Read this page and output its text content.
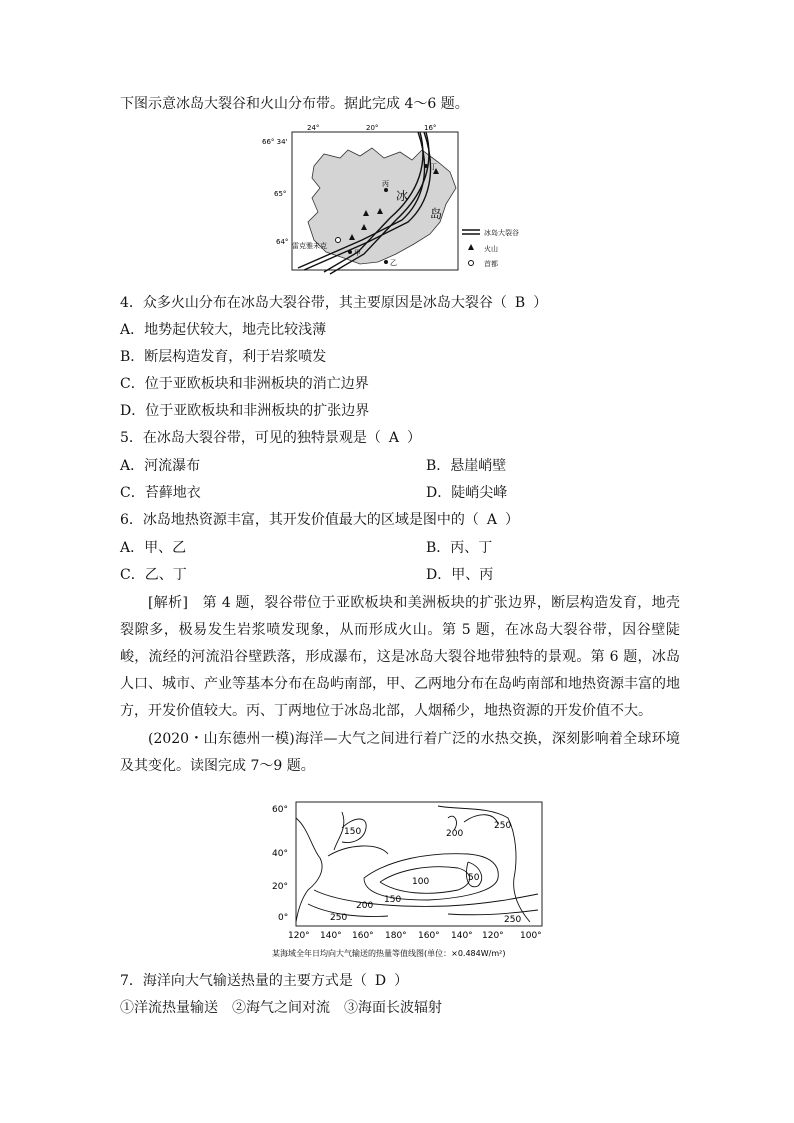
下图示意冰岛大裂谷和火山分布带。据此完成 4～6 题。
24°	20°	16°
66° 34'
65°
64°
丁
丙
甲
乙
冰
岛
雷克雅未克
冰岛大裂谷
火山
首都
4．众多火山分布在冰岛大裂谷带，其主要原因是冰岛大裂谷（ B ）
A．地势起伏较大，地壳比较浅薄
B．断层构造发育，利于岩浆喷发
C．位于亚欧板块和非洲板块的消亡边界
D．位于亚欧板块和非洲板块的扩张边界
5．在冰岛大裂谷带，可见的独特景观是（ A ）
A．河流瀑布	B．悬崖峭壁
C．苔藓地衣	D．陡峭尖峰
6．冰岛地热资源丰富，其开发价值最大的区域是图中的（ A ）
A．甲、乙	B．丙、丁
C．乙、丁	D．甲、丙
[解析]　第 4 题，裂谷带位于亚欧板块和美洲板块的扩张边界，断层构造发育，地壳裂隙多，极易发生岩浆喷发现象，从而形成火山。第 5 题，在冰岛大裂谷带，因谷壁陡峻，流经的河流沿谷壁跌落，形成瀑布，这是冰岛大裂谷地带独特的景观。第 6 题，冰岛人口、城市、产业等基本分布在岛屿南部，甲、乙两地分布在岛屿南部和地热资源丰富的地方，开发价值较大。丙、丁两地位于冰岛北部，人烟稀少，地热资源的开发价值不大。
(2020・山东德州一模)海洋—大气之间进行着广泛的水热交换，深刻影响着全球环境及其变化。读图完成 7～9 题。
60°
40°
20°
0°
120° 140° 160° 180° 160° 140° 120° 100°
150	200
250
100	50
150
200
250	250
某海域全年日均向大气输送的热量等值线图(单位：×0.484W/m²)
7．海洋向大气输送热量的主要方式是（ D ）
①洋流热量输送　②海气之间对流　③海面长波辐射
